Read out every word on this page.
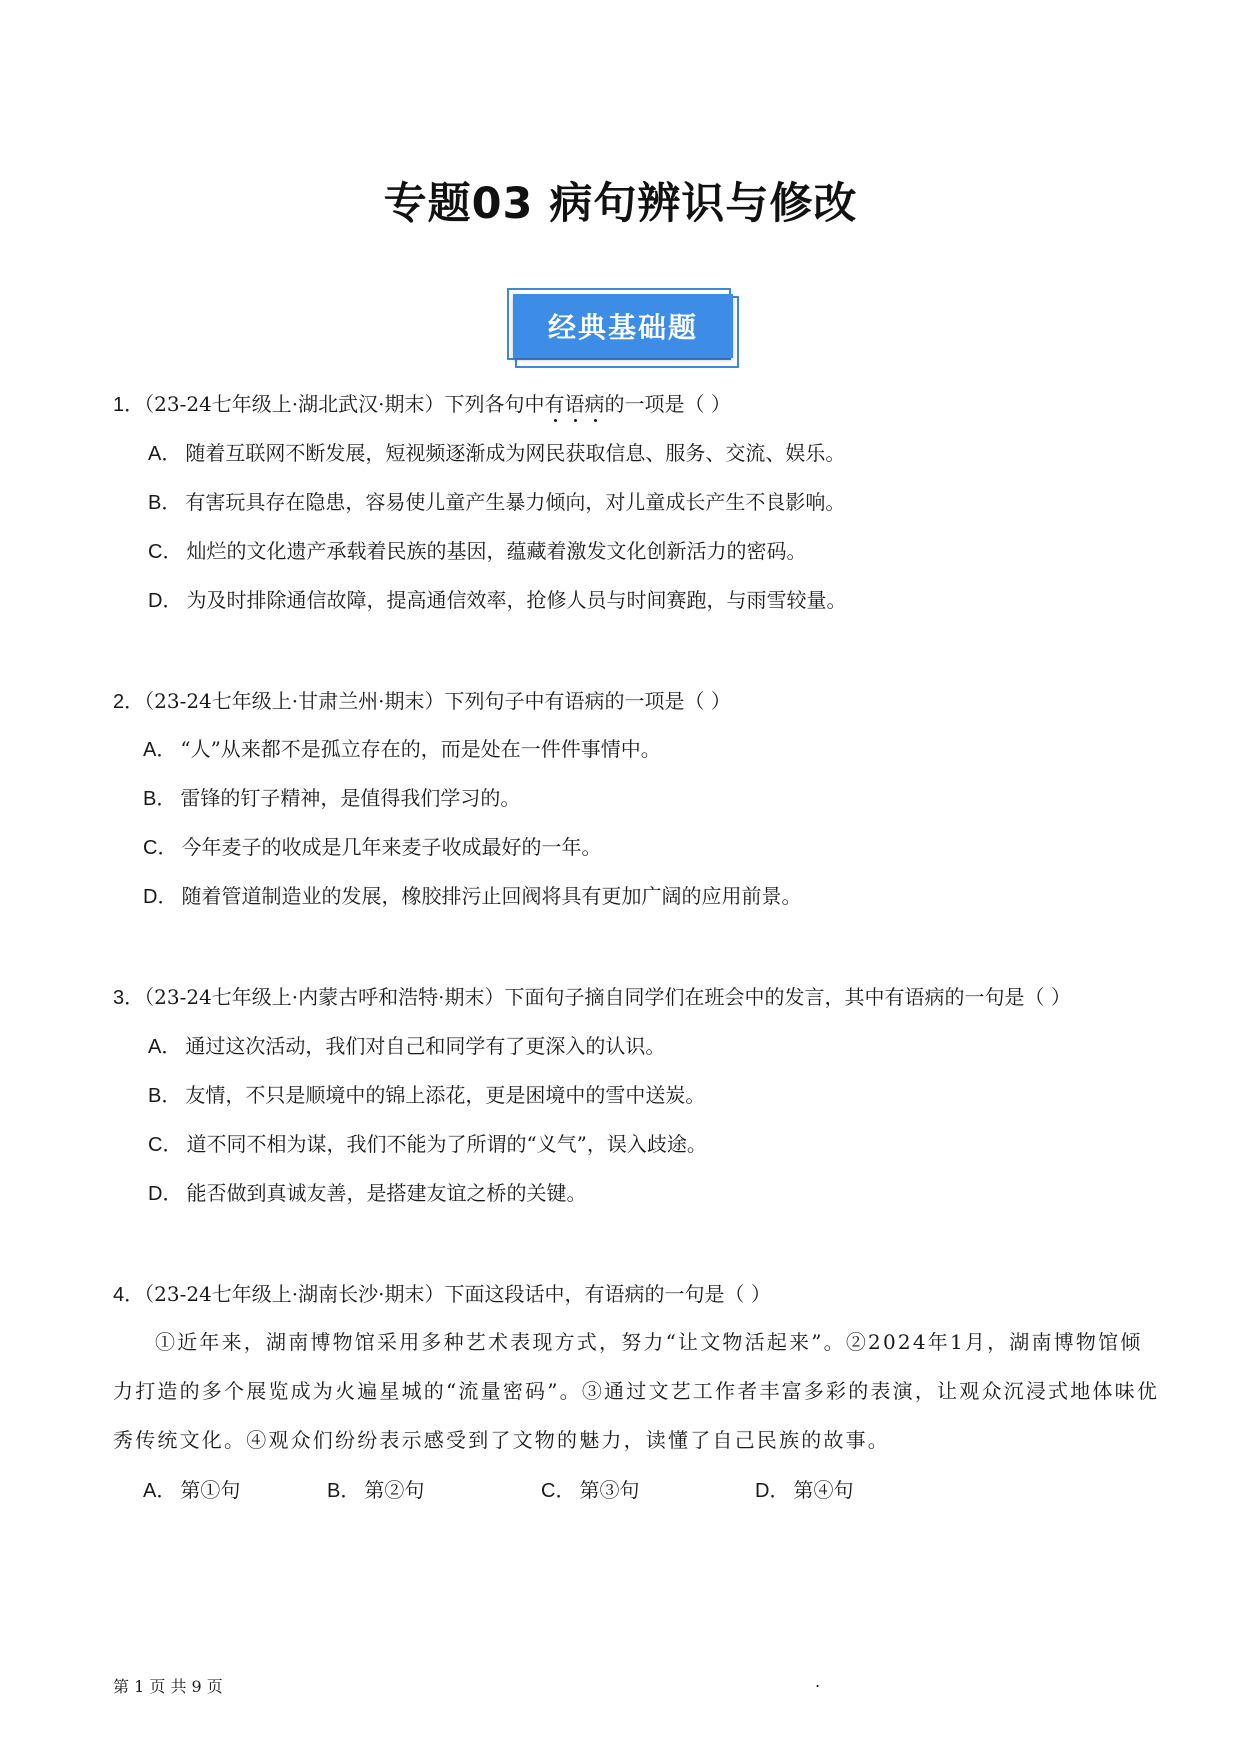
专题03 病句辨识与修改
经典基础题
1．（23-24七年级上·湖北武汉·期末）下列各句中有语病的一项是（ ）
A． 随着互联网不断发展，短视频逐渐成为网民获取信息、服务、交流、娱乐。
B． 有害玩具存在隐患，容易使儿童产生暴力倾向，对儿童成长产生不良影响。
C． 灿烂的文化遗产承载着民族的基因，蕴藏着激发文化创新活力的密码。
D． 为及时排除通信故障，提高通信效率，抢修人员与时间赛跑，与雨雪较量。
2．（23-24七年级上·甘肃兰州·期末）下列句子中有语病的一项是（ ）
A． “人”从来都不是孤立存在的，而是处在一件件事情中。
B． 雷锋的钉子精神，是值得我们学习的。
C． 今年麦子的收成是几年来麦子收成最好的一年。
D． 随着管道制造业的发展，橡胶排污止回阀将具有更加广阔的应用前景。
3．（23-24七年级上·内蒙古呼和浩特·期末）下面句子摘自同学们在班会中的发言，其中有语病的一句是（ ）
A． 通过这次活动，我们对自己和同学有了更深入的认识。
B． 友情，不只是顺境中的锦上添花，更是困境中的雪中送炭。
C． 道不同不相为谋，我们不能为了所谓的“义气”，误入歧途。
D． 能否做到真诚友善，是搭建友谊之桥的关键。
4．（23-24七年级上·湖南长沙·期末）下面这段话中，有语病的一句是（ ）
①近年来，湖南博物馆采用多种艺术表现方式，努力“让文物活起来”。②2024年1月，湖南博物馆倾
力打造的多个展览成为火遍星城的“流量密码”。③通过文艺工作者丰富多彩的表演，让观众沉浸式地体味优
秀传统文化。④观众们纷纷表示感受到了文物的魅力，读懂了自己民族的故事。
A． 第①句	B． 第②句	C． 第③句	D． 第④句
第 1 页 共 9 页	.
